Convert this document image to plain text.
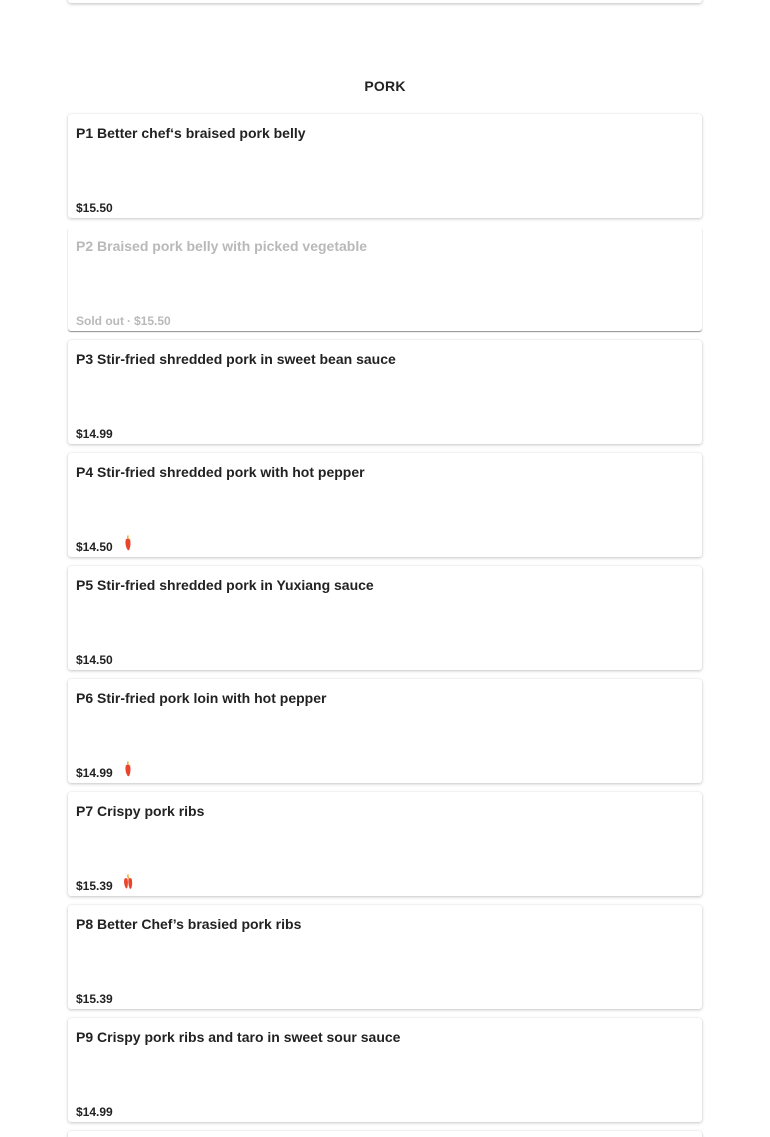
PORK
P1 Better chef‘s braised pork belly
$15.50
P2 Braised pork belly with picked vegetable
Sold out · $15.50
P3 Stir-fried shredded pork in sweet bean sauce
$14.99
P4 Stir-fried shredded pork with hot pepper
$14.50
P5 Stir-fried shredded pork in Yuxiang sauce
$14.50
P6 Stir-fried pork loin with hot pepper
$14.99
P7 Crispy pork ribs
$15.39
P8 Better Chef’s brasied pork ribs
$15.39
P9 Crispy pork ribs and taro in sweet sour sauce
$14.99
